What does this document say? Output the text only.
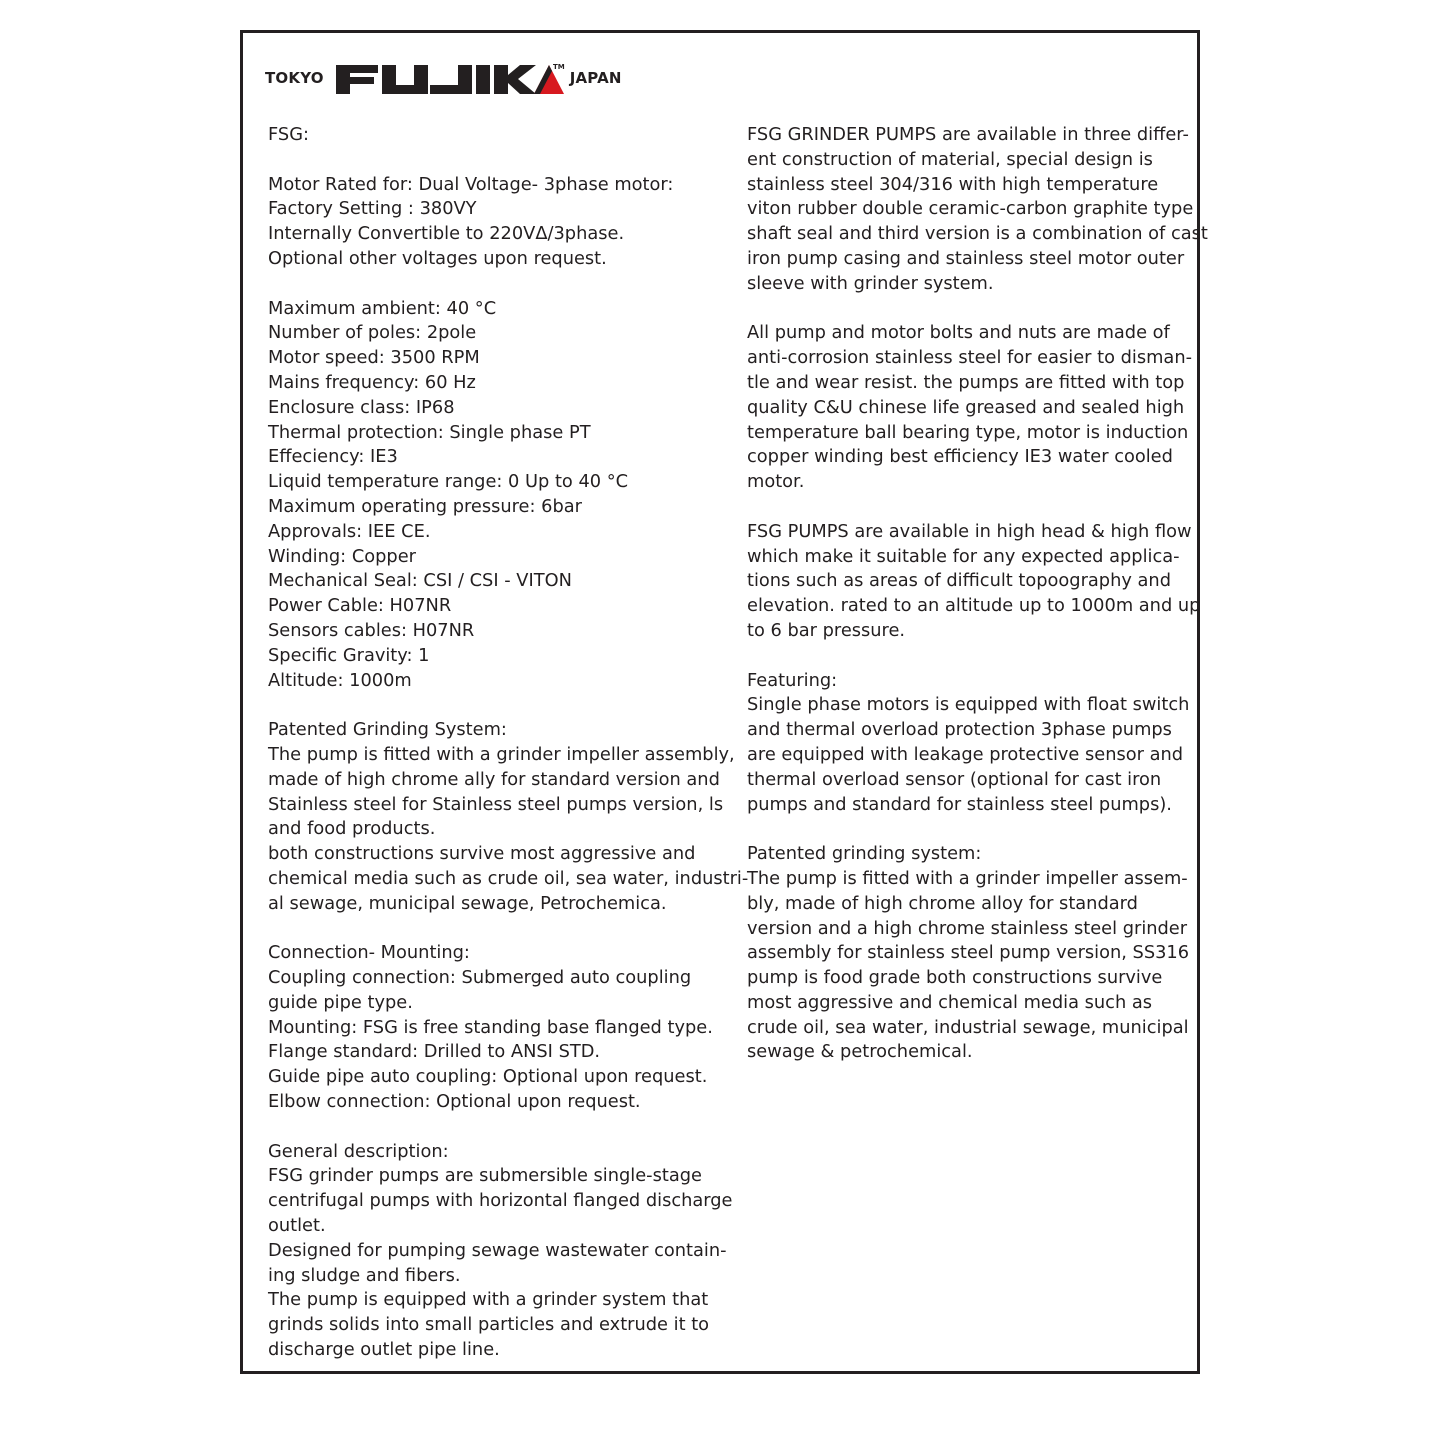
TOKYO
TM
JAPAN
FSG:
Motor Rated for: Dual Voltage- 3phase motor:
Factory Setting : 380VY
Internally Convertible to 220VΔ/3phase.
Optional other voltages upon request.
Maximum ambient: 40 °C
Number of poles: 2pole
Motor speed: 3500 RPM
Mains frequency: 60 Hz
Enclosure class: IP68
Thermal protection: Single phase PT
Effeciency: IE3
Liquid temperature range: 0 Up to 40 °C
Maximum operating pressure: 6bar
Approvals: IEE CE.
Winding: Copper
Mechanical Seal: CSI / CSI - VITON
Power Cable: H07NR
Sensors cables: H07NR
Specific Gravity: 1
Altitude: 1000m
Patented Grinding System:
The pump is fitted with a grinder impeller assembly,
made of high chrome ally for standard version and
Stainless steel for Stainless steel pumps version, ls
and food products.
both constructions survive most aggressive and
chemical media such as crude oil, sea water, industri-
al sewage, municipal sewage, Petrochemica.
Connection- Mounting:
Coupling connection: Submerged auto coupling
guide pipe type.
Mounting: FSG is free standing base flanged type.
Flange standard: Drilled to ANSI STD.
Guide pipe auto coupling: Optional upon request.
Elbow connection: Optional upon request.
General description:
FSG grinder pumps are submersible single-stage
centrifugal pumps with horizontal flanged discharge
outlet.
Designed for pumping sewage wastewater contain-
ing sludge and fibers.
The pump is equipped with a grinder system that
grinds solids into small particles and extrude it to
discharge outlet pipe line.
FSG GRINDER PUMPS are available in three differ-
ent construction of material, special design is
stainless steel 304/316 with high temperature
viton rubber double ceramic-carbon graphite type
shaft seal and third version is a combination of cast
iron pump casing and stainless steel motor outer
sleeve with grinder system.
All pump and motor bolts and nuts are made of
anti-corrosion stainless steel for easier to disman-
tle and wear resist. the pumps are fitted with top
quality C&U chinese life greased and sealed high
temperature ball bearing type, motor is induction
copper winding best efficiency IE3 water cooled
motor.
FSG PUMPS are available in high head & high flow
which make it suitable for any expected applica-
tions such as areas of difficult topoography and
elevation. rated to an altitude up to 1000m and up
to 6 bar pressure.
Featuring:
Single phase motors is equipped with float switch
and thermal overload protection 3phase pumps
are equipped with leakage protective sensor and
thermal overload sensor (optional for cast iron
pumps and standard for stainless steel pumps).
Patented grinding system:
The pump is fitted with a grinder impeller assem-
bly, made of high chrome alloy for standard
version and a high chrome stainless steel grinder
assembly for stainless steel pump version, SS316
pump is food grade both constructions survive
most aggressive and chemical media such as
crude oil, sea water, industrial sewage, municipal
sewage & petrochemical.
